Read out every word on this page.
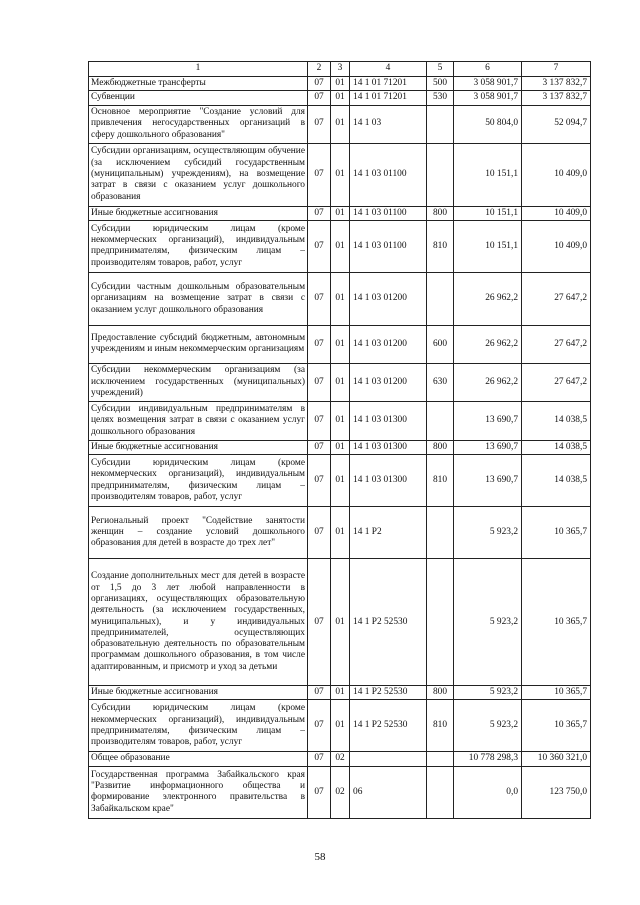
1	2	3	4	5	6	7
Межбюджетные трансферты	07	01	14 1 01 71201	500	3 058 901,7	3 137 832,7
Субвенции	07	01	14 1 01 71201	530	3 058 901,7	3 137 832,7
Основное мероприятие "Создание условий для привлечения негосударственных организаций в сферу дошкольного образования"	07	01	14 1 03		50 804,0	52 094,7
Субсидии организациям, осуществляющим обучение (за исключением субсидий государственным (муниципальным) учреждениям), на возмещение затрат в связи с оказанием услуг дошкольного образования	07	01	14 1 03 01100		10 151,1	10 409,0
Иные бюджетные ассигнования	07	01	14 1 03 01100	800	10 151,1	10 409,0
Субсидии юридическим лицам (кроме некоммерческих организаций), индивидуальным предпринимателям, физическим лицам – производителям товаров, работ, услуг	07	01	14 1 03 01100	810	10 151,1	10 409,0
Субсидии частным дошкольным образовательным организациям на возмещение затрат в связи с оказанием услуг дошкольного образования	07	01	14 1 03 01200		26 962,2	27 647,2
Предоставление субсидий бюджетным, автономным учреждениям и иным некоммерческим организациям	07	01	14 1 03 01200	600	26 962,2	27 647,2
Субсидии некоммерческим организациям (за исключением государственных (муниципальных) учреждений)	07	01	14 1 03 01200	630	26 962,2	27 647,2
Субсидии индивидуальным предпринимателям в целях возмещения затрат в связи с оказанием услуг дошкольного образования	07	01	14 1 03 01300		13 690,7	14 038,5
Иные бюджетные ассигнования	07	01	14 1 03 01300	800	13 690,7	14 038,5
Субсидии юридическим лицам (кроме некоммерческих организаций), индивидуальным предпринимателям, физическим лицам – производителям товаров, работ, услуг	07	01	14 1 03 01300	810	13 690,7	14 038,5
Региональный проект "Содействие занятости женщин – создание условий дошкольного образования для детей в возрасте до трех лет"	07	01	14 1 P2		5 923,2	10 365,7
Создание дополнительных мест для детей в возрасте от 1,5 до 3 лет любой направленности в организациях, осуществляющих образовательную деятельность (за исключением государственных, муниципальных), и у индивидуальных предпринимателей, осуществляющих образовательную деятельность по образовательным программам дошкольного образования, в том числе адаптированным, и присмотр и уход за детьми	07	01	14 1 P2 52530		5 923,2	10 365,7
Иные бюджетные ассигнования	07	01	14 1 P2 52530	800	5 923,2	10 365,7
Субсидии юридическим лицам (кроме некоммерческих организаций), индивидуальным предпринимателям, физическим лицам – производителям товаров, работ, услуг	07	01	14 1 P2 52530	810	5 923,2	10 365,7
Общее образование	07	02			10 778 298,3	10 360 321,0
Государственная программа Забайкальского края "Развитие информационного общества и формирование электронного правительства в Забайкальском крае"	07	02	06		0,0	123 750,0
58
